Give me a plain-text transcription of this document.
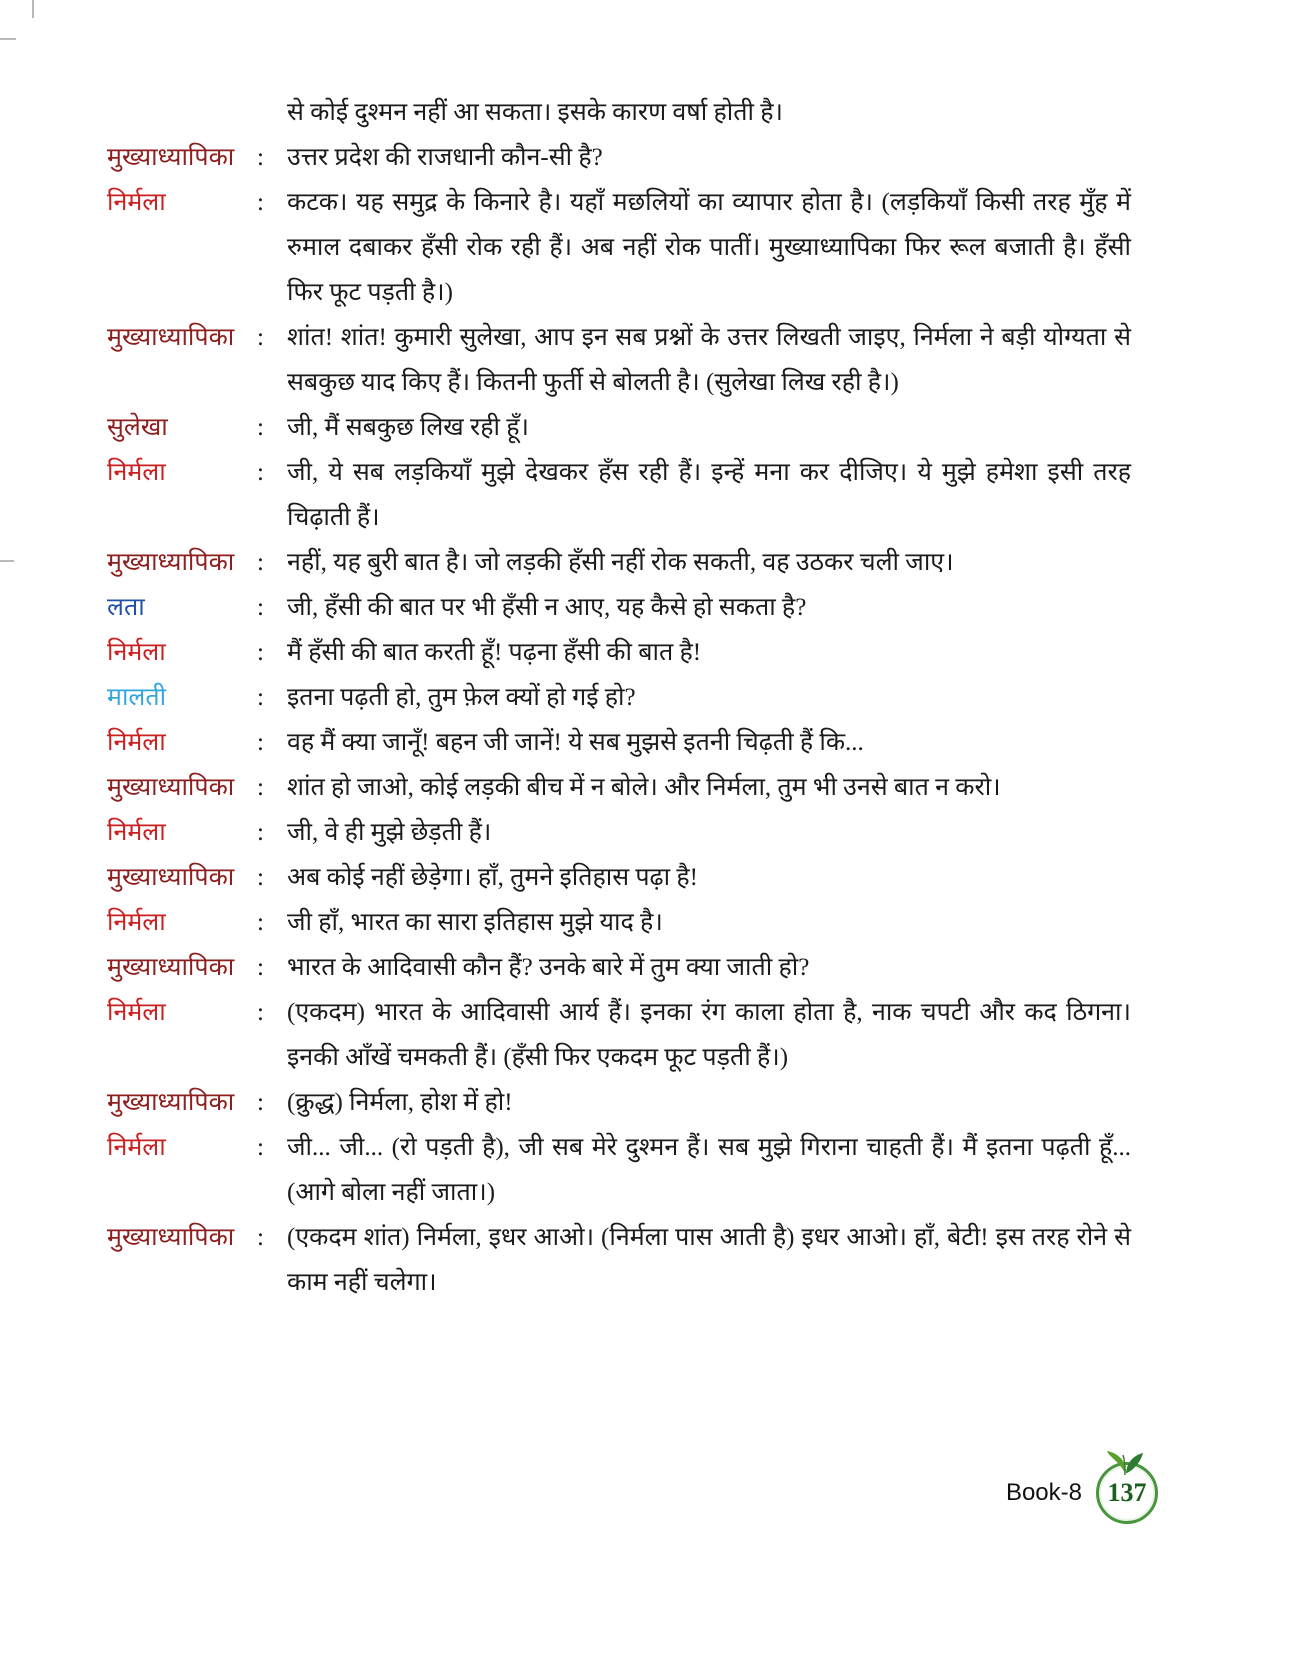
से कोई दुश्मन नहीं आ सकता। इसके कारण वर्षा होती है।
मुख्याध्यापिका : उत्तर प्रदेश की राजधानी कौन-सी है?
निर्मला	: कटक। यह समुद्र के किनारे है। यहाँ मछलियों का व्यापार होता है। (लड़कियाँ किसी तरह मुँह में रुमाल दबाकर हँसी रोक रही हैं। अब नहीं रोक पातीं। मुख्याध्यापिका फिर रूल बजाती है। हँसी फिर फूट पड़ती है।)
मुख्याध्यापिका : शांत! शांत! कुमारी सुलेखा, आप इन सब प्रश्नों के उत्तर लिखती जाइए, निर्मला ने बड़ी योग्यता से सबकुछ याद किए हैं। कितनी फुर्ती से बोलती है। (सुलेखा लिख रही है।)
सुलेखा	: जी, मैं सबकुछ लिख रही हूँ।
निर्मला	: जी, ये सब लड़कियाँ मुझे देखकर हँस रही हैं। इन्हें मना कर दीजिए। ये मुझे हमेशा इसी तरह चिढ़ाती हैं।
मुख्याध्यापिका : नहीं, यह बुरी बात है। जो लड़की हँसी नहीं रोक सकती, वह उठकर चली जाए।
लता	: जी, हँसी की बात पर भी हँसी न आए, यह कैसे हो सकता है?
निर्मला	: मैं हँसी की बात करती हूँ! पढ़ना हँसी की बात है!
मालती	: इतना पढ़ती हो, तुम फ़ेल क्यों हो गई हो?
निर्मला	: वह मैं क्या जानूँ! बहन जी जानें! ये सब मुझसे इतनी चिढ़ती हैं कि...
मुख्याध्यापिका : शांत हो जाओ, कोई लड़की बीच में न बोले। और निर्मला, तुम भी उनसे बात न करो।
निर्मला	: जी, वे ही मुझे छेड़ती हैं।
मुख्याध्यापिका : अब कोई नहीं छेड़ेगा। हाँ, तुमने इतिहास पढ़ा है!
निर्मला	: जी हाँ, भारत का सारा इतिहास मुझे याद है।
मुख्याध्यापिका : भारत के आदिवासी कौन हैं? उनके बारे में तुम क्या जाती हो?
निर्मला	: (एकदम) भारत के आदिवासी आर्य हैं। इनका रंग काला होता है, नाक चपटी और कद ठिगना। इनकी आँखें चमकती हैं। (हँसी फिर एकदम फूट पड़ती हैं।)
मुख्याध्यापिका : (क्रुद्ध) निर्मला, होश में हो!
निर्मला	: जी... जी... (रो पड़ती है), जी सब मेरे दुश्मन हैं। सब मुझे गिराना चाहती हैं। मैं इतना पढ़ती हूँ... (आगे बोला नहीं जाता।)
मुख्याध्यापिका : (एकदम शांत) निर्मला, इधर आओ। (निर्मला पास आती है) इधर आओ। हाँ, बेटी! इस तरह रोने से काम नहीं चलेगा।
Book-8 137
